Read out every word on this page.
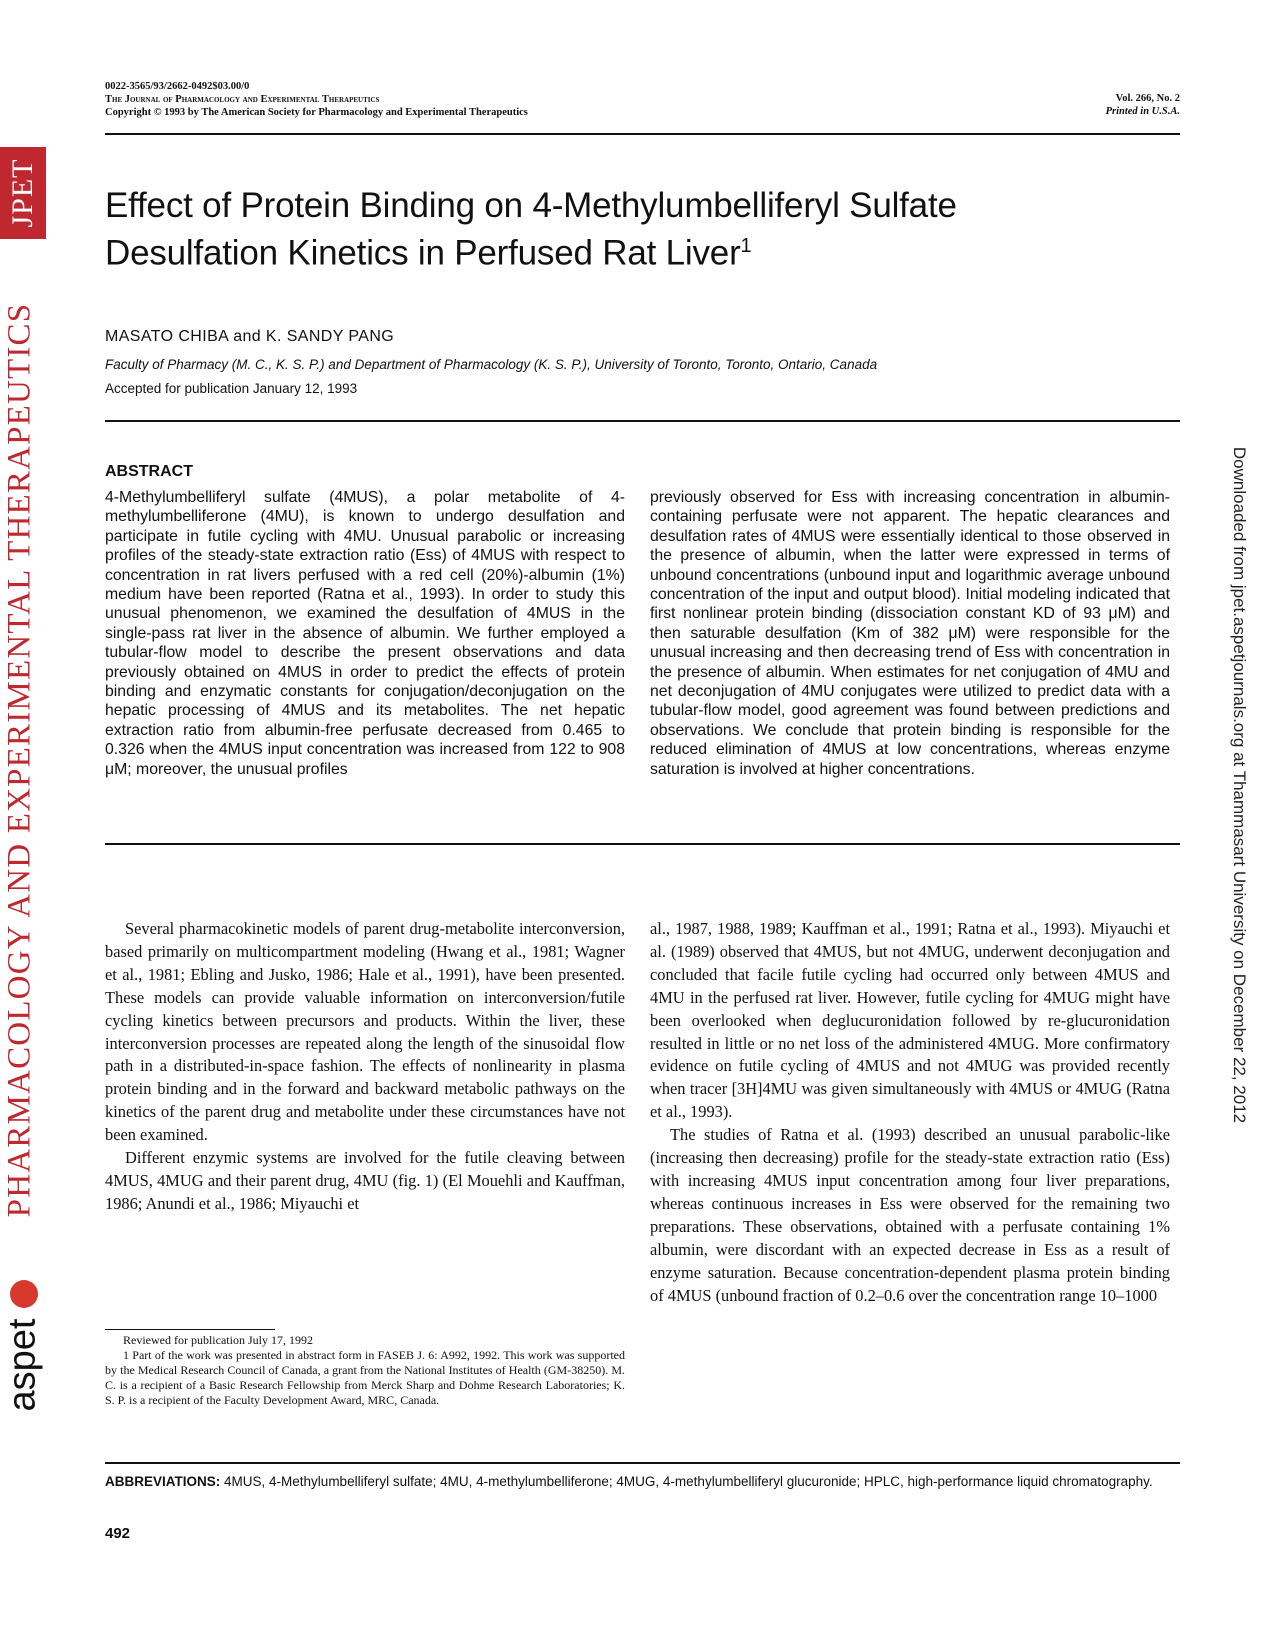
JPET
PHARMACOLOGY AND EXPERIMENTAL THERAPEUTICS
aspet
Downloaded from jpet.aspetjournals.org at Thammasart University on December 22, 2012
0022-3565/93/2662-0492$03.00/0
The Journal of Pharmacology and Experimental Therapeutics
Copyright © 1993 by The American Society for Pharmacology and Experimental Therapeutics
Vol. 266, No. 2
Printed in U.S.A.
Effect of Protein Binding on 4-Methylumbelliferyl Sulfate
Desulfation Kinetics in Perfused Rat Liver$^1$
MASATO CHIBA and K. SANDY PANG
Faculty of Pharmacy (M. C., K. S. P.) and Department of Pharmacology (K. S. P.), University of Toronto, Toronto, Ontario, Canada
Accepted for publication January 12, 1993
ABSTRACT
4-Methylumbelliferyl sulfate (4MUS), a polar metabolite of 4-methylumbelliferone (4MU), is known to undergo desulfation and participate in futile cycling with 4MU. Unusual parabolic or increasing profiles of the steady-state extraction ratio (Ess) of 4MUS with respect to concentration in rat livers perfused with a red cell (20%)-albumin (1%) medium have been reported (Ratna et al., 1993). In order to study this unusual phenomenon, we examined the desulfation of 4MUS in the single-pass rat liver in the absence of albumin. We further employed a tubular-flow model to describe the present observations and data previously obtained on 4MUS in order to predict the effects of protein binding and enzymatic constants for conjugation/deconjugation on the hepatic processing of 4MUS and its metabolites. The net hepatic extraction ratio from albumin-free perfusate decreased from 0.465 to 0.326 when the 4MUS input concentration was increased from 122 to 908 μM; moreover, the unusual profiles
previously observed for Ess with increasing concentration in albumin-containing perfusate were not apparent. The hepatic clearances and desulfation rates of 4MUS were essentially identical to those observed in the presence of albumin, when the latter were expressed in terms of unbound concentrations (unbound input and logarithmic average unbound concentration of the input and output blood). Initial modeling indicated that first nonlinear protein binding (dissociation constant KD of 93 μM) and then saturable desulfation (Km of 382 μM) were responsible for the unusual increasing and then decreasing trend of Ess with concentration in the presence of albumin. When estimates for net conjugation of 4MU and net deconjugation of 4MU conjugates were utilized to predict data with a tubular-flow model, good agreement was found between predictions and observations. We conclude that protein binding is responsible for the reduced elimination of 4MUS at low concentrations, whereas enzyme saturation is involved at higher concentrations.

Several pharmacokinetic models of parent drug-metabolite interconversion, based primarily on multicompartment modeling (Hwang et al., 1981; Wagner et al., 1981; Ebling and Jusko, 1986; Hale et al., 1991), have been presented. These models can provide valuable information on interconversion/futile cycling kinetics between precursors and products. Within the liver, these interconversion processes are repeated along the length of the sinusoidal flow path in a distributed-in-space fashion. The effects of nonlinearity in plasma protein binding and in the forward and backward metabolic pathways on the kinetics of the parent drug and metabolite under these circumstances have not been examined.

Different enzymic systems are involved for the futile cleaving between 4MUS, 4MUG and their parent drug, 4MU (fig. 1) (El Mouehli and Kauffman, 1986; Anundi et al., 1986; Miyauchi et

al., 1987, 1988, 1989; Kauffman et al., 1991; Ratna et al., 1993). Miyauchi et al. (1989) observed that 4MUS, but not 4MUG, underwent deconjugation and concluded that facile futile cycling had occurred only between 4MUS and 4MU in the perfused rat liver. However, futile cycling for 4MUG might have been overlooked when deglucuronidation followed by re-glucuronidation resulted in little or no net loss of the administered 4MUG. More confirmatory evidence on futile cycling of 4MUS and not 4MUG was provided recently when tracer [3H]4MU was given simultaneously with 4MUS or 4MUG (Ratna et al., 1993).

The studies of Ratna et al. (1993) described an unusual parabolic-like (increasing then decreasing) profile for the steady-state extraction ratio (Ess) with increasing 4MUS input concentration among four liver preparations, whereas continuous increases in Ess were observed for the remaining two preparations. These observations, obtained with a perfusate containing 1% albumin, were discordant with an expected decrease in Ess as a result of enzyme saturation. Because concentration-dependent plasma protein binding of 4MUS (unbound fraction of 0.2–0.6 over the concentration range 10–1000

Reviewed for publication July 17, 1992

1 Part of the work was presented in abstract form in FASEB J. 6: A992, 1992. This work was supported by the Medical Research Council of Canada, a grant from the National Institutes of Health (GM-38250). M. C. is a recipient of a Basic Research Fellowship from Merck Sharp and Dohme Research Laboratories; K. S. P. is a recipient of the Faculty Development Award, MRC, Canada.

ABBREVIATIONS: 4MUS, 4-Methylumbelliferyl sulfate; 4MU, 4-methylumbelliferone; 4MUG, 4-methylumbelliferyl glucuronide; HPLC, high-performance liquid chromatography.
492
